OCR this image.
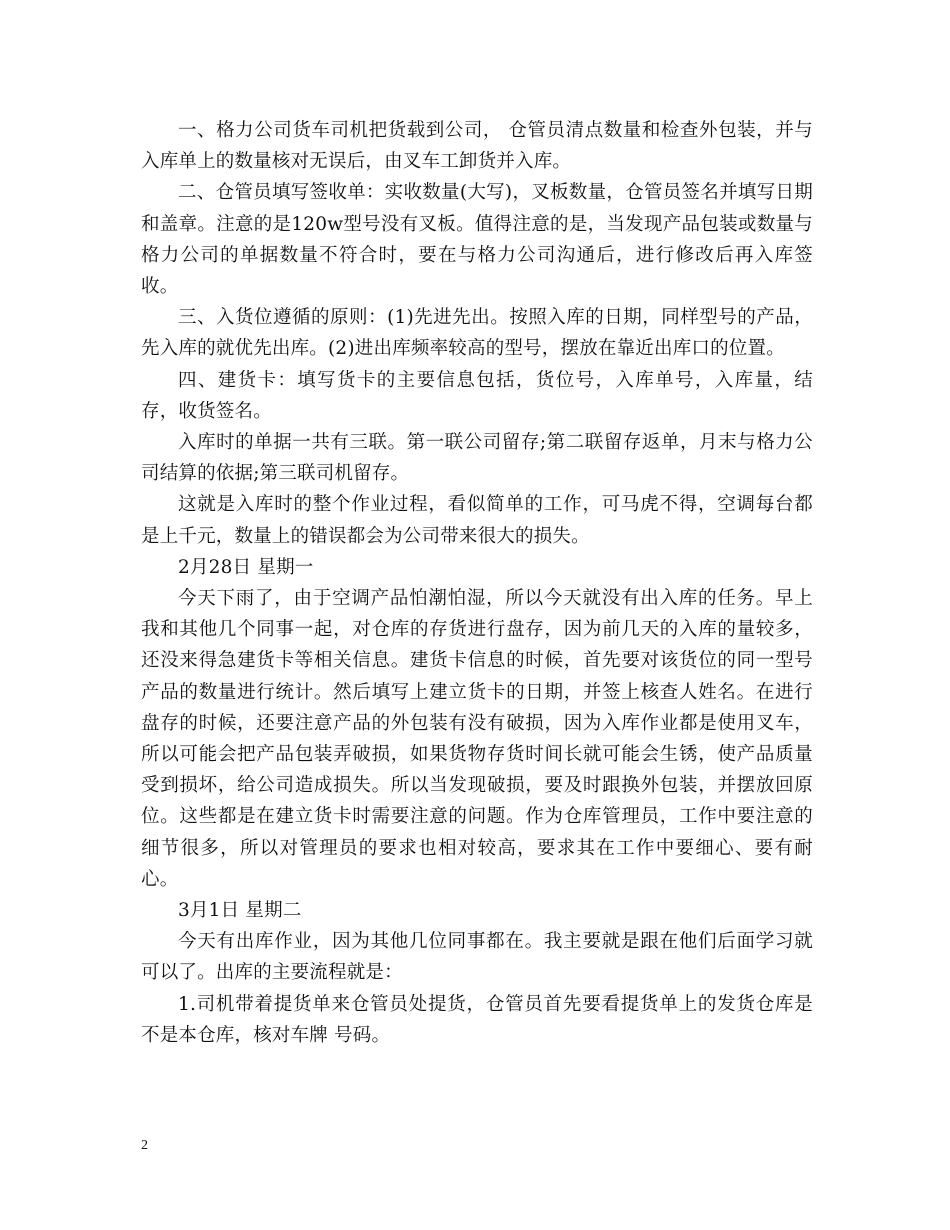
一、格力公司货车司机把货载到公司， 仓管员清点数量和检查外包装，并与入库单上的数量核对无误后，由叉车工卸货并入库。

二、仓管员填写签收单：实收数量(大写)，叉板数量，仓管员签名并填写日期和盖章。注意的是120w型号没有叉板。值得注意的是，当发现产品包装或数量与格力公司的单据数量不符合时，要在与格力公司沟通后，进行修改后再入库签收。

三、入货位遵循的原则：(1)先进先出。按照入库的日期，同样型号的产品，先入库的就优先出库。(2)进出库频率较高的型号，摆放在靠近出库口的位置。

四、建货卡：填写货卡的主要信息包括，货位号，入库单号，入库量，结存，收货签名。

入库时的单据一共有三联。第一联公司留存;第二联留存返单，月末与格力公司结算的依据;第三联司机留存。

这就是入库时的整个作业过程，看似简单的工作，可马虎不得，空调每台都是上千元，数量上的错误都会为公司带来很大的损失。

2月28日 星期一

今天下雨了，由于空调产品怕潮怕湿，所以今天就没有出入库的任务。早上我和其他几个同事一起，对仓库的存货进行盘存，因为前几天的入库的量较多，还没来得急建货卡等相关信息。建货卡信息的时候，首先要对该货位的同一型号产品的数量进行统计。然后填写上建立货卡的日期，并签上核查人姓名。在进行盘存的时候，还要注意产品的外包装有没有破损，因为入库作业都是使用叉车，所以可能会把产品包装弄破损，如果货物存货时间长就可能会生锈，使产品质量受到损坏，给公司造成损失。所以当发现破损，要及时跟换外包装，并摆放回原位。这些都是在建立货卡时需要注意的问题。作为仓库管理员，工作中要注意的细节很多，所以对管理员的要求也相对较高，要求其在工作中要细心、要有耐心。

3月1日 星期二

今天有出库作业，因为其他几位同事都在。我主要就是跟在他们后面学习就可以了。出库的主要流程就是：

1.司机带着提货单来仓管员处提货，仓管员首先要看提货单上的发货仓库是不是本仓库，核对车牌 号码。

2
